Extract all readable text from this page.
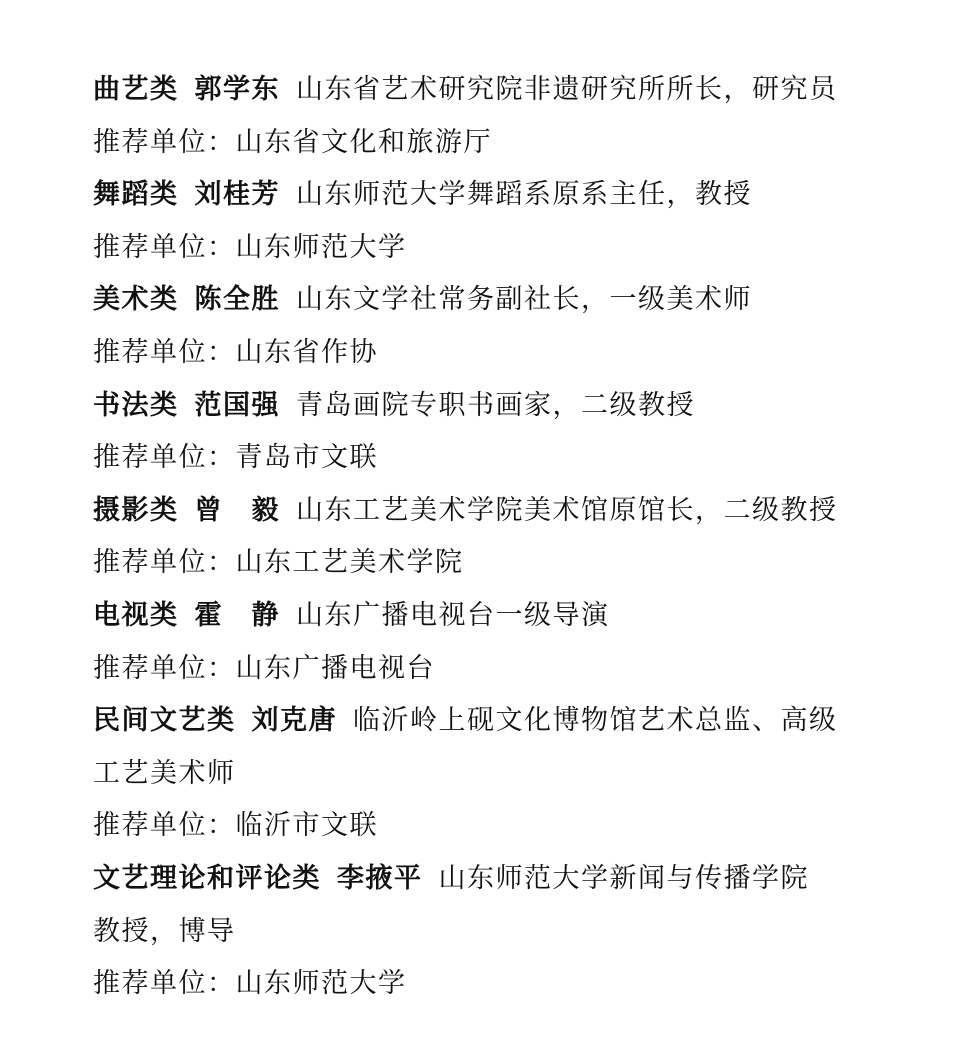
曲艺类 郭学东 山东省艺术研究院非遗研究所所长，研究员
推荐单位：山东省文化和旅游厅
舞蹈类 刘桂芳 山东师范大学舞蹈系原系主任，教授
推荐单位：山东师范大学
美术类 陈全胜 山东文学社常务副社长，一级美术师
推荐单位：山东省作协
书法类 范国强 青岛画院专职书画家，二级教授
推荐单位：青岛市文联
摄影类 曾　毅 山东工艺美术学院美术馆原馆长，二级教授
推荐单位：山东工艺美术学院
电视类 霍　静 山东广播电视台一级导演
推荐单位：山东广播电视台
民间文艺类 刘克唐 临沂岭上砚文化博物馆艺术总监、高级
工艺美术师
推荐单位：临沂市文联
文艺理论和评论类 李掖平 山东师范大学新闻与传播学院
教授，博导
推荐单位：山东师范大学
